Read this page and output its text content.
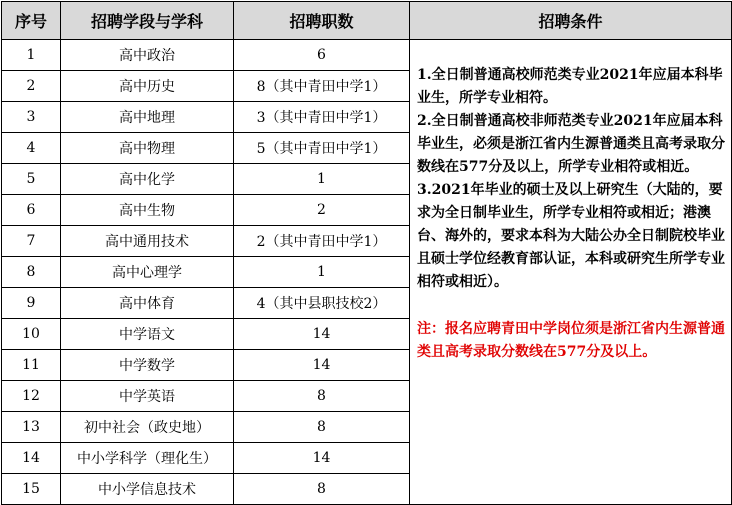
序号	招聘学段与学科	招聘职数	招聘条件
1	高中政治	6	1.全日制普通高校师范类专业2021年应届本科毕业生，所学专业相符。

2.全日制普通高校非师范类专业2021年应届本科毕业生，必须是浙江省内生源普通类且高考录取分数线在577分及以上，所学专业相符或相近。

3.2021年毕业的硕士及以上研究生（大陆的，要求为全日制毕业生，所学专业相符或相近；港澳台、海外的，要求本科为大陆公办全日制院校毕业且硕士学位经教育部认证，本科或研究生所学专业相符或相近）。

注：报名应聘青田中学岗位须是浙江省内生源普通类且高考录取分数线在577分及以上。

2	高中历史	8（其中青田中学1）	
3	高中地理	3（其中青田中学1）	
4	高中物理	5（其中青田中学1）	
5	高中化学	1	
6	高中生物	2	
7	高中通用技术	2（其中青田中学1）	
8	高中心理学	1	
9	高中体育	4（其中县职技校2）	
10	中学语文	14	
11	中学数学	14	
12	中学英语	8	
13	初中社会（政史地）	8	
14	中小学科学（理化生）	14	
15	中小学信息技术	8	
